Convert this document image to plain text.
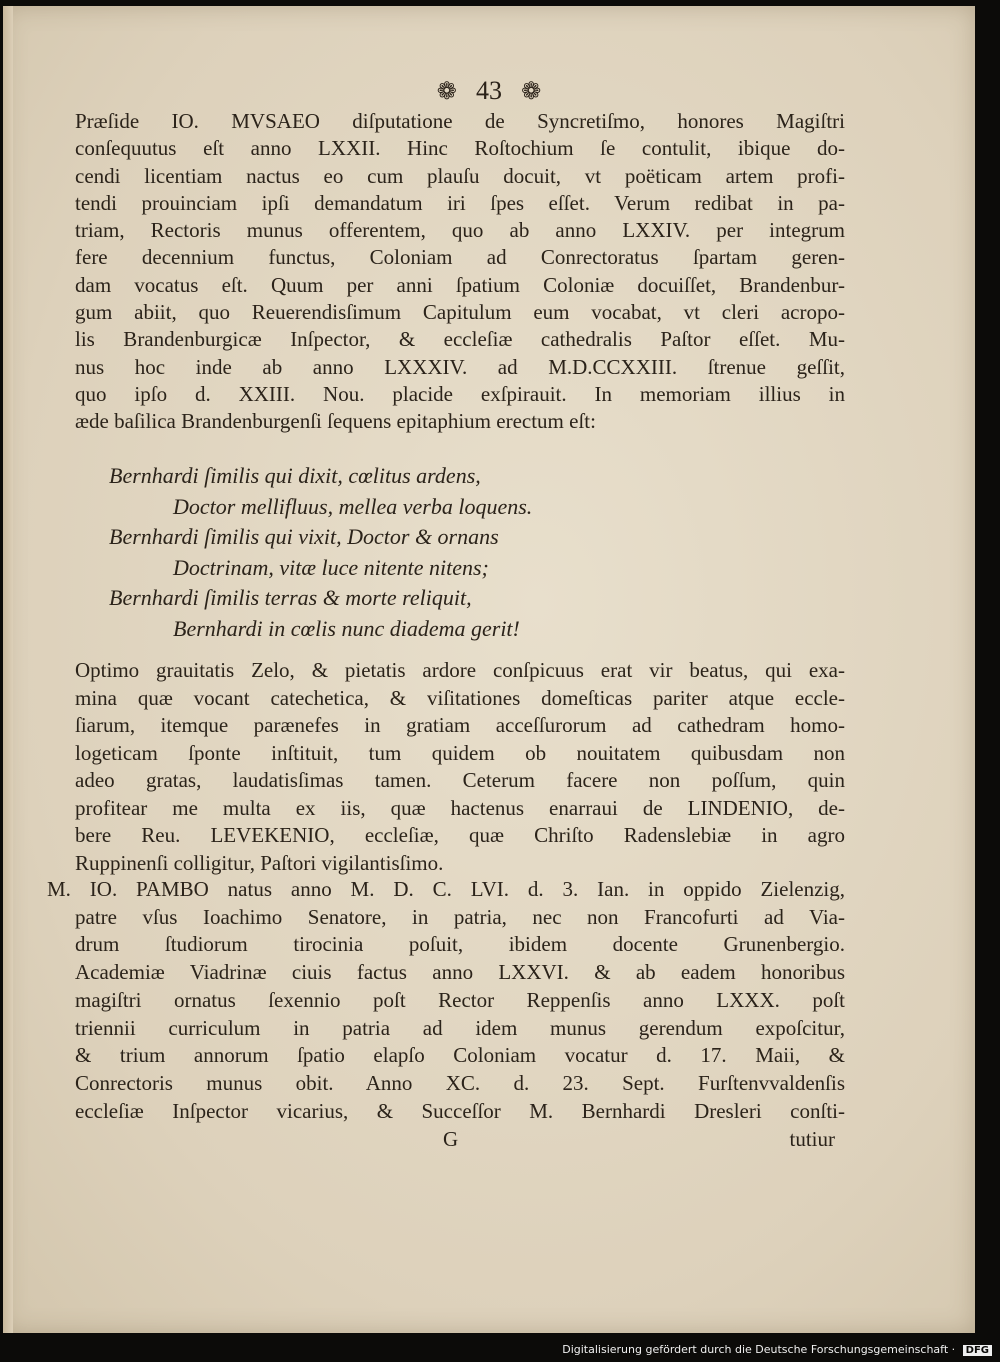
❁ 43 ❁
Præſide IO. MVSAEO diſputatione de Syncretiſmo, honores Magiſtri
conſequutus eſt anno LXXII. Hinc Roſtochium ſe contulit, ibique do-
cendi licentiam nactus eo cum plauſu docuit, vt poëticam artem profi-
tendi prouinciam ipſi demandatum iri ſpes eſſet. Verum redibat in pa-
triam, Rectoris munus offerentem, quo ab anno LXXIV. per integrum
fere decennium functus, Coloniam ad Conrectoratus ſpartam geren-
dam vocatus eſt. Quum per anni ſpatium Coloniæ docuiſſet, Brandenbur-
gum abiit, quo Reuerendisſimum Capitulum eum vocabat, vt cleri acropo-
lis Brandenburgicæ Inſpector, & eccleſiæ cathedralis Paſtor eſſet. Mu-
nus hoc inde ab anno LXXXIV. ad M.D.CCXXIII. ſtrenue geſſit,
quo ipſo d. XXIII. Nou. placide exſpirauit. In memoriam illius in
æde baſilica Brandenburgenſi ſequens epitaphium erectum eſt:
Bernhardi ſimilis qui dixit, cœlitus ardens,
Doctor mellifluus, mellea verba loquens.
Bernhardi ſimilis qui vixit, Doctor & ornans
Doctrinam, vitæ luce nitente nitens;
Bernhardi ſimilis terras & morte reliquit,
Bernhardi in cœlis nunc diadema gerit!
Optimo grauitatis Zelo, & pietatis ardore conſpicuus erat vir beatus, qui exa-
mina quæ vocant catechetica, & viſitationes domeſticas pariter atque eccle-
ſiarum, itemque parænefes in gratiam acceſſurorum ad cathedram homo-
logeticam ſponte inſtituit, tum quidem ob nouitatem quibusdam non
adeo gratas, laudatisſimas tamen. Ceterum facere non poſſum, quin
profitear me multa ex iis, quæ hactenus enarraui de LINDENIO, de-
bere Reu. LEVEKENIO, eccleſiæ, quæ Chriſto Radenslebiæ in agro
Ruppinenſi colligitur, Paſtori vigilantisſimo.
M. IO. PAMBO natus anno M. D. C. LVI. d. 3. Ian. in oppido Zielenzig,
patre vſus Ioachimo Senatore, in patria, nec non Francofurti ad Via-
drum ſtudiorum tirocinia poſuit, ibidem docente Grunenbergio.
Academiæ Viadrinæ ciuis factus anno LXXVI. & ab eadem honoribus
magiſtri ornatus ſexennio poſt Rector Reppenſis anno LXXX. poſt
triennii curriculum in patria ad idem munus gerendum expoſcitur,
& trium annorum ſpatio elapſo Coloniam vocatur d. 17. Maii, &
Conrectoris munus obit. Anno XC. d. 23. Sept. Furſtenvvaldenſis
eccleſiæ Inſpector vicarius, & Succeſſor M. Bernhardi Dresleri conſti-
G	tutiur
Digitalisierung gefördert durch die Deutsche Forschungsgemeinschaft · DFG
